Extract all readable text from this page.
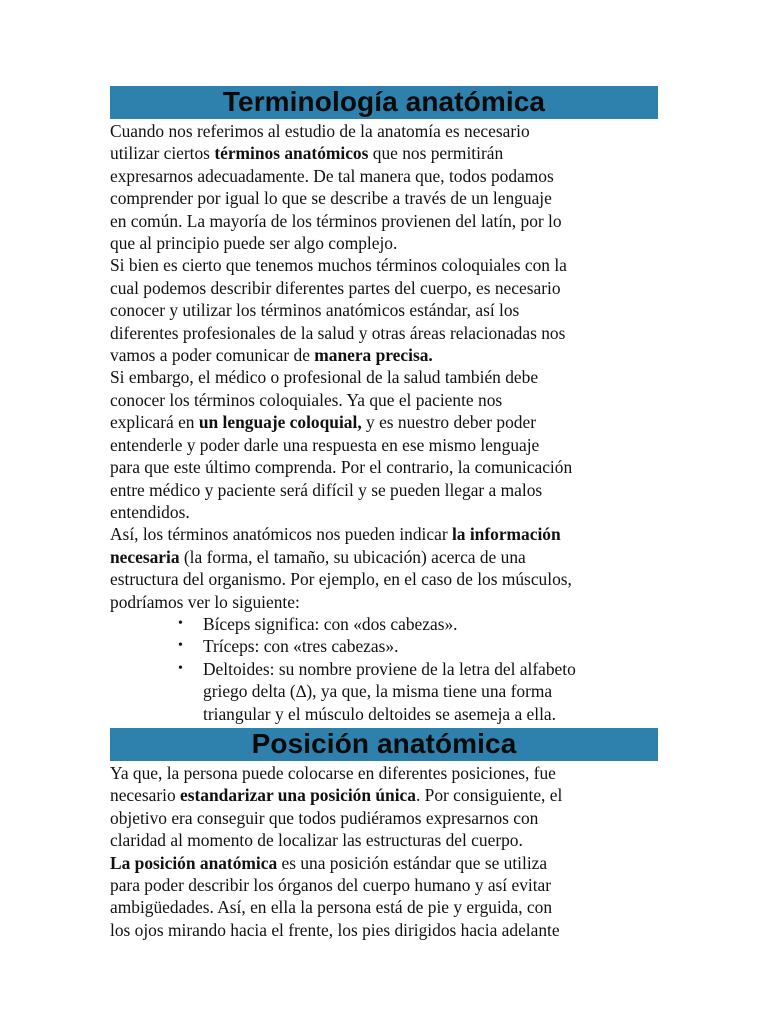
Terminología anatómica

Cuando nos referimos al estudio de la anatomía es necesario
utilizar ciertos términos anatómicos que nos permitirán
expresarnos adecuadamente. De tal manera que, todos podamos
comprender por igual lo que se describe a través de un lenguaje
en común. La mayoría de los términos provienen del latín, por lo
que al principio puede ser algo complejo.

Si bien es cierto que tenemos muchos términos coloquiales con la
cual podemos describir diferentes partes del cuerpo, es necesario
conocer y utilizar los términos anatómicos estándar, así los
diferentes profesionales de la salud y otras áreas relacionadas nos
vamos a poder comunicar de manera precisa.

Si embargo, el médico o profesional de la salud también debe
conocer los términos coloquiales. Ya que el paciente nos
explicará en un lenguaje coloquial, y es nuestro deber poder
entenderle y poder darle una respuesta en ese mismo lenguaje
para que este último comprenda. Por el contrario, la comunicación
entre médico y paciente será difícil y se pueden llegar a malos
entendidos.

Así, los términos anatómicos nos pueden indicar la información
necesaria (la forma, el tamaño, su ubicación) acerca de una
estructura del organismo. Por ejemplo, en el caso de los músculos,
podríamos ver lo siguiente:

• Bíceps significa: con «dos cabezas».
• Tríceps: con «tres cabezas».
• Deltoides: su nombre proviene de la letra del alfabeto
griego delta (∆), ya que, la misma tiene una forma
triangular y el músculo deltoides se asemeja a ella.
Posición anatómica

Ya que, la persona puede colocarse en diferentes posiciones, fue
necesario estandarizar una posición única. Por consiguiente, el
objetivo era conseguir que todos pudiéramos expresarnos con
claridad al momento de localizar las estructuras del cuerpo.

La posición anatómica es una posición estándar que se utiliza
para poder describir los órganos del cuerpo humano y así evitar
ambigüedades. Así, en ella la persona está de pie y erguida, con
los ojos mirando hacia el frente, los pies dirigidos hacia adelante
